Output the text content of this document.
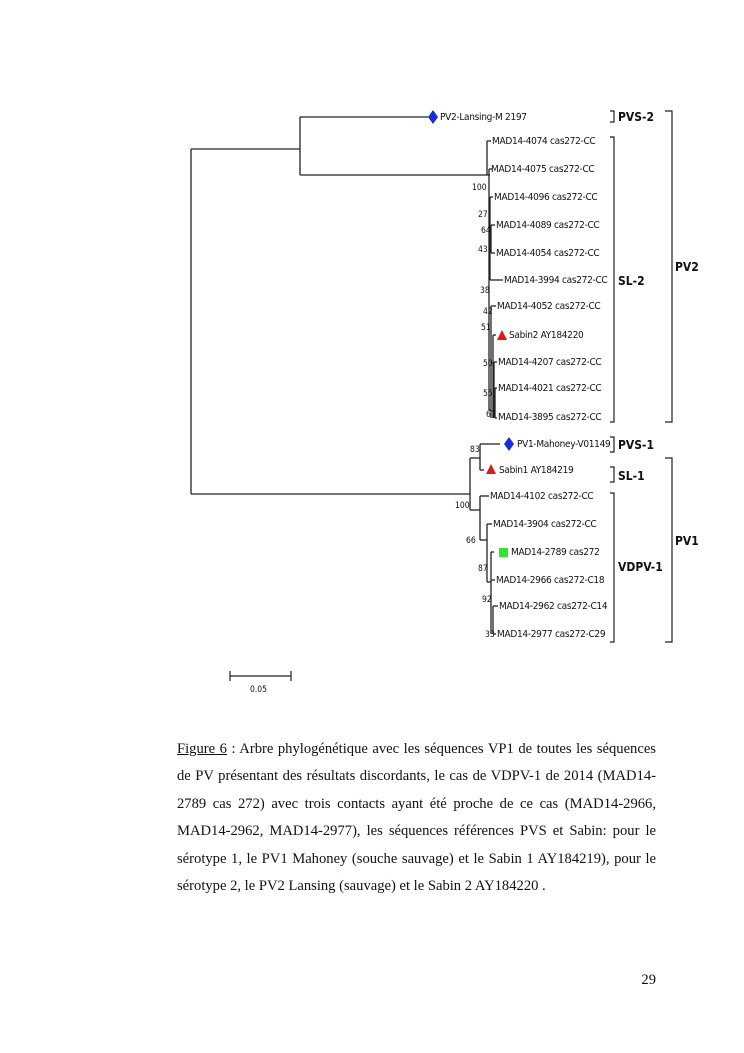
PV2-Lansing-M 2197
MAD14-4074 cas272-CC
MAD14-4075 cas272-CC
MAD14-4096 cas272-CC
MAD14-4089 cas272-CC
MAD14-4054 cas272-CC
MAD14-3994 cas272-CC
MAD14-4052 cas272-CC
Sabin2 AY184220
MAD14-4207 cas272-CC
MAD14-4021 cas272-CC
MAD14-3895 cas272-CC
PV1-Mahoney-V01149
Sabin1 AY184219
MAD14-4102 cas272-CC
MAD14-3904 cas272-CC
MAD14-2789 cas272
MAD14-2966 cas272-C18
MAD14-2962 cas272-C14
MAD14-2977 cas272-C29
100
27
64
43
38
42
51
50
55
67
83
100
66
87
92
33
PVS-2
SL-2
PV2
PVS-1
SL-1
VDPV-1
PV1
0.05

Figure 6 : Arbre phylogénétique avec les séquences VP1 de toutes les séquences de PV présentant des résultats discordants, le cas de VDPV-1 de 2014 (MAD14-2789 cas 272) avec trois contacts ayant été proche de ce cas (MAD14-2966, MAD14-2962, MAD14-2977), les séquences références PVS et Sabin: pour le sérotype 1, le PV1 Mahoney (souche sauvage) et le Sabin 1 AY184219), pour le sérotype 2, le PV2 Lansing (sauvage) et le Sabin 2 AY184220 .

29
